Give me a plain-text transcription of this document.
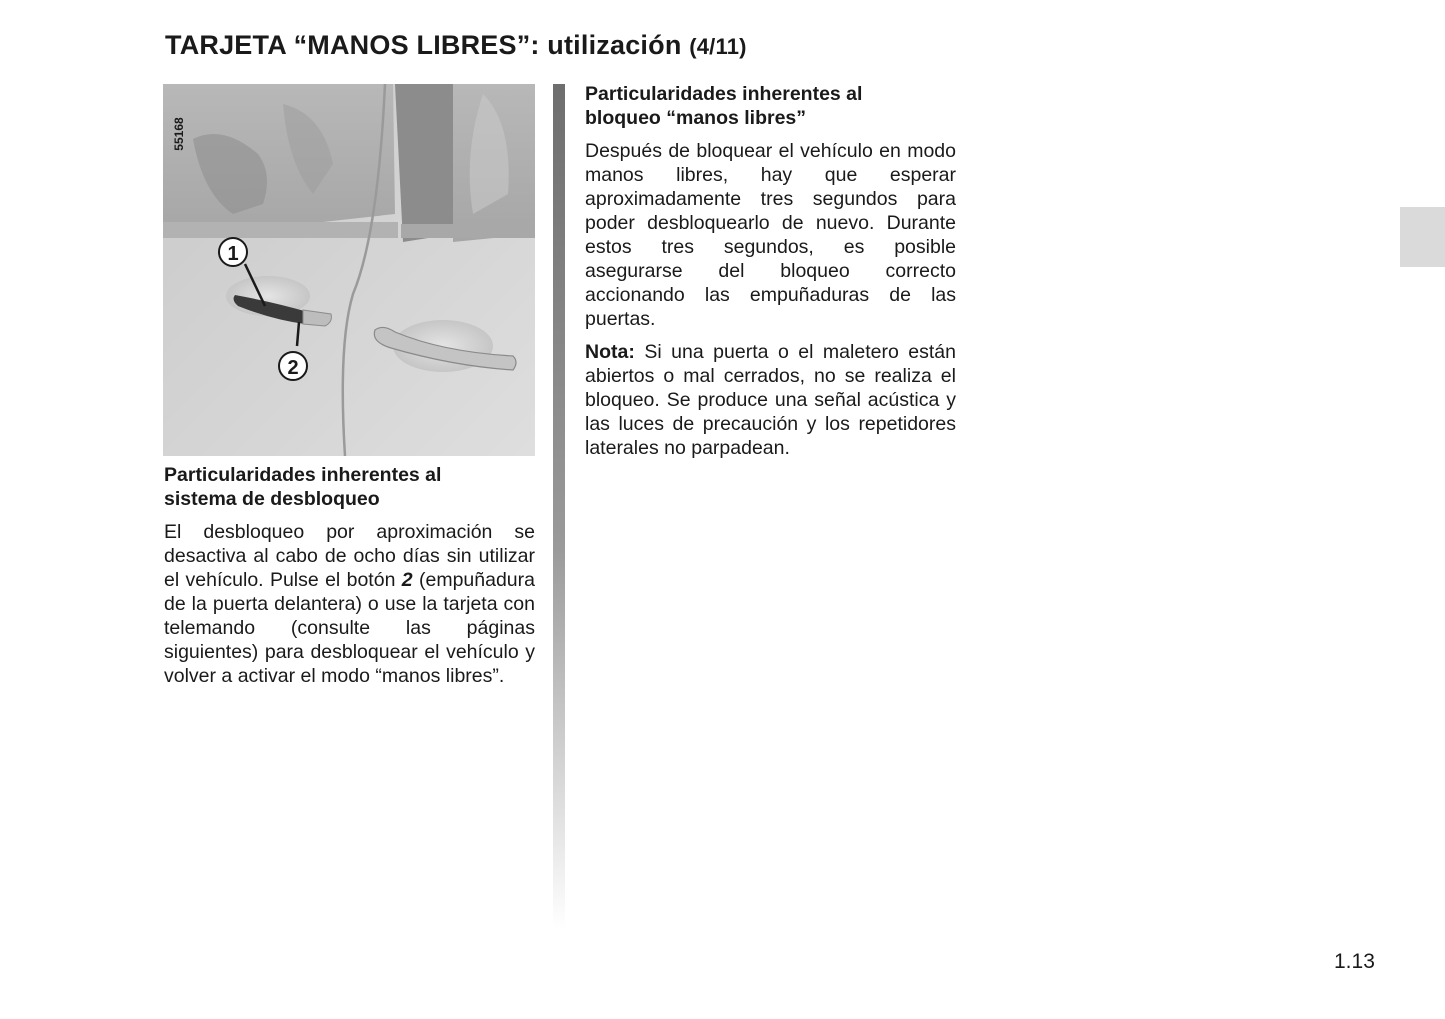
TARJETA “MANOS LIBRES”: utilización (4/11)
1
2
55168

Particularidades inherentes al
sistema de desbloqueo

El desbloqueo por aproximación se desactiva al cabo de ocho días sin utilizar el vehículo. Pulse el botón 2 (empuñadura de la puerta delantera) o use la tarjeta con telemando (consulte las páginas siguientes) para desbloquear el vehículo y volver a activar el modo “manos libres”.

Particularidades inherentes al
bloqueo “manos libres”

Después de bloquear el vehículo en modo manos libres, hay que esperar aproximadamente tres segundos para poder desbloquearlo de nuevo. Durante estos tres segundos, es posible asegurarse del bloqueo correcto accionando las empuñaduras de las puertas.

Nota: Si una puerta o el maletero están abiertos o mal cerrados, no se realiza el bloqueo. Se produce una señal acústica y las luces de precaución y los repetidores laterales no parpadean.

1.13
